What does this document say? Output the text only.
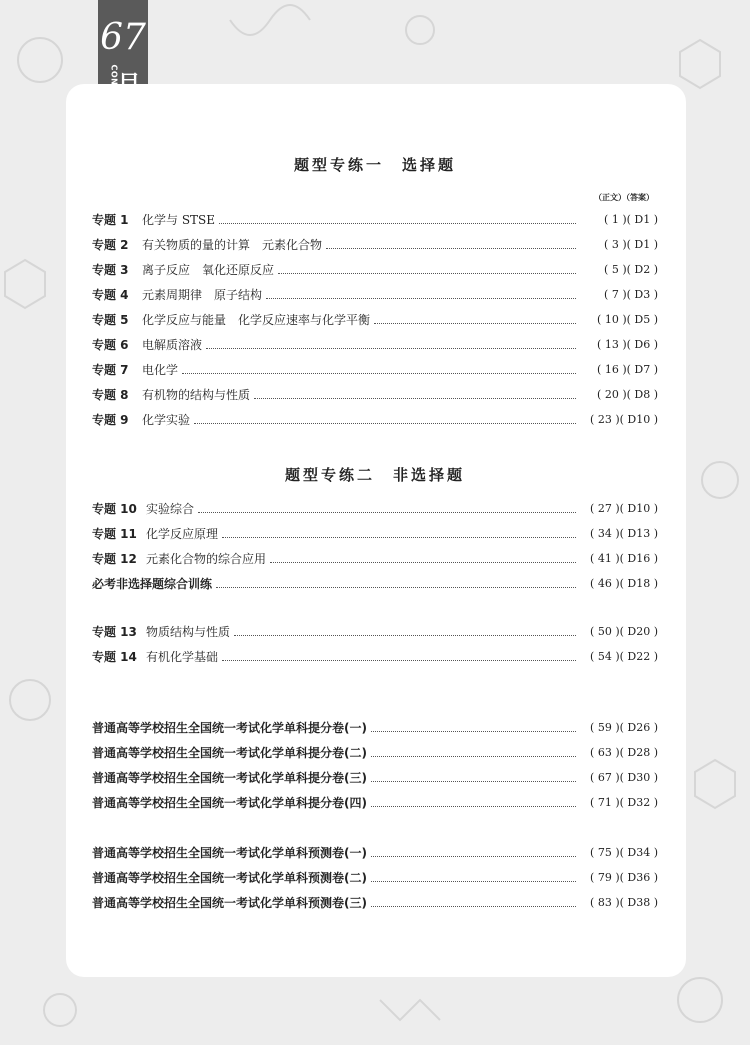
67
题型专练一　选择题
（正文）（答案）
专题 1	化学与 STSE	( 1 )( D1 )
专题 2	有关物质的量的计算　元素化合物	( 3 )( D1 )
专题 3	离子反应　氧化还原反应	( 5 )( D2 )
专题 4	元素周期律　原子结构	( 7 )( D3 )
专题 5	化学反应与能量　化学反应速率与化学平衡	( 10 )( D5 )
专题 6	电解质溶液	( 13 )( D6 )
专题 7	电化学	( 16 )( D7 )
专题 8	有机物的结构与性质	( 20 )( D8 )
专题 9	化学实验	( 23 )( D10 )
题型专练二　非选择题
专题 10 实验综合	( 27 )( D10 )
专题 11 化学反应原理	( 34 )( D13 )
专题 12 元素化合物的综合应用	( 41 )( D16 )
必考非选择题综合训练	( 46 )( D18 )
专题 13 物质结构与性质	( 50 )( D20 )
专题 14 有机化学基础	( 54 )( D22 )
普通高等学校招生全国统一考试化学单科提分卷(一)	( 59 )( D26 )
普通高等学校招生全国统一考试化学单科提分卷(二)	( 63 )( D28 )
普通高等学校招生全国统一考试化学单科提分卷(三)	( 67 )( D30 )
普通高等学校招生全国统一考试化学单科提分卷(四)	( 71 )( D32 )
普通高等学校招生全国统一考试化学单科预测卷(一)	( 75 )( D34 )
普通高等学校招生全国统一考试化学单科预测卷(二)	( 79 )( D36 )
普通高等学校招生全国统一考试化学单科预测卷(三)	( 83 )( D38 )
